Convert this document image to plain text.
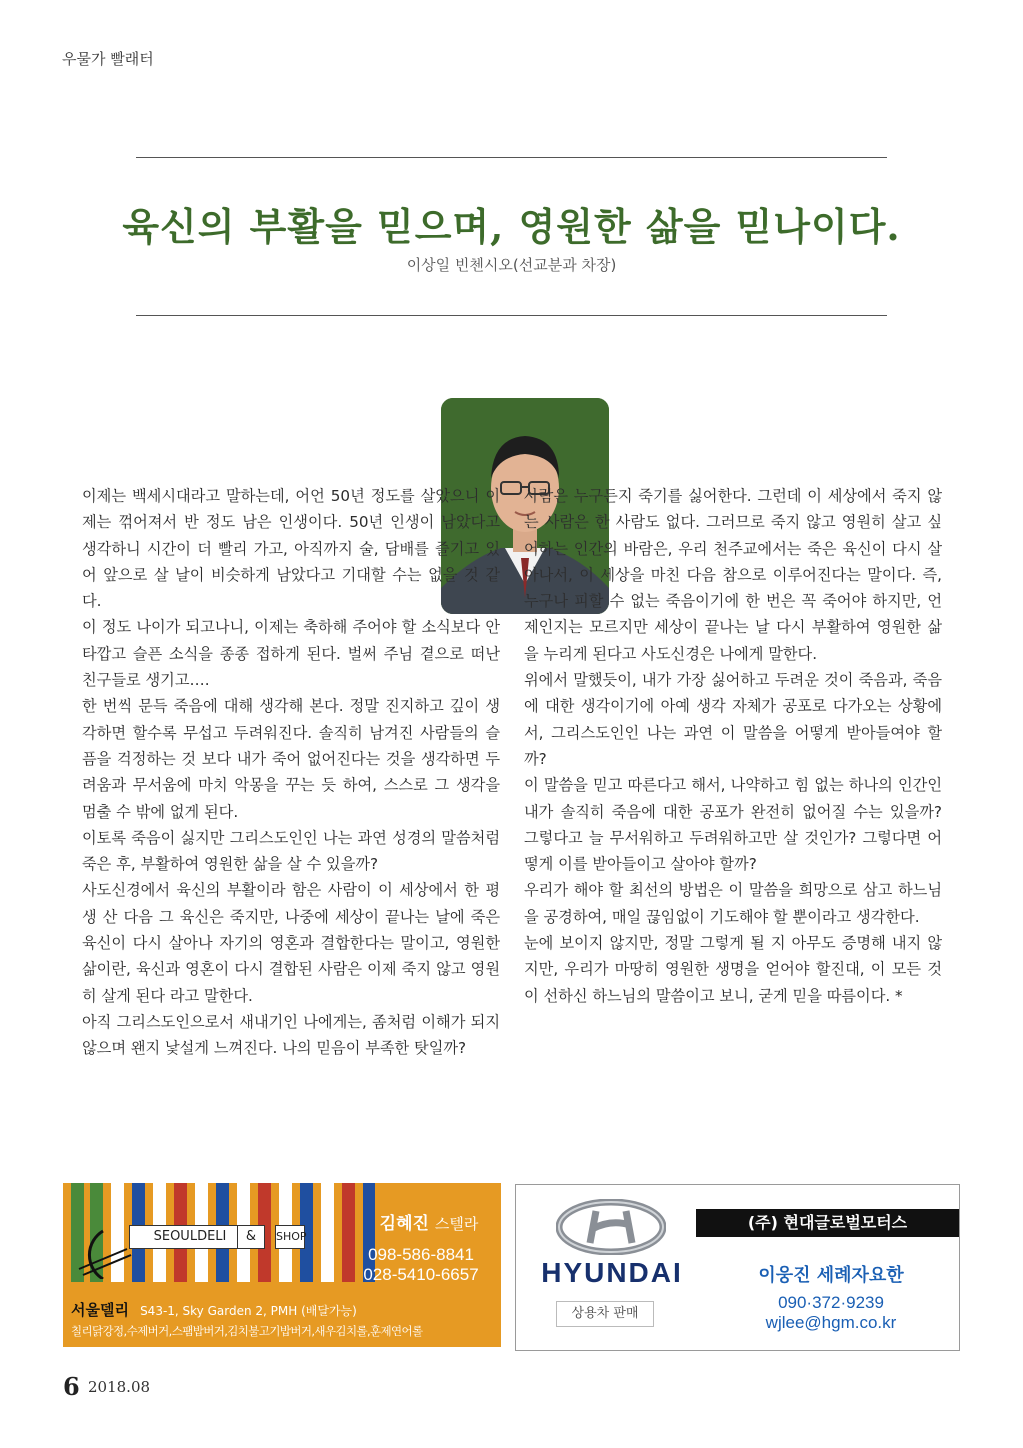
우물가 빨래터
육신의 부활을 믿으며, 영원한 삶을 믿나이다.
이상일 빈첸시오(선교분과 차장)

이제는 백세시대라고 말하는데, 어언 50년 정도를 살았으니 이제는 꺾어져서 반 정도 남은 인생이다. 50년 인생이 남았다고 생각하니 시간이 더 빨리 가고, 아직까지 술, 담배를 즐기고 있어 앞으로 살 날이 비슷하게 남았다고 기대할 수는 없을 것 같다.

이 정도 나이가 되고나니, 이제는 축하해 주어야 할 소식보다 안타깝고 슬픈 소식을 종종 접하게 된다. 벌써 주님 곁으로 떠난 친구들로 생기고….

한 번씩 문득 죽음에 대해 생각해 본다. 정말 진지하고 깊이 생각하면 할수록 무섭고 두려워진다. 솔직히 남겨진 사람들의 슬픔을 걱정하는 것 보다 내가 죽어 없어진다는 것을 생각하면 두려움과 무서움에 마치 악몽을 꾸는 듯 하여, 스스로 그 생각을 멈출 수 밖에 없게 된다.

이토록 죽음이 싫지만 그리스도인인 나는 과연 성경의 말씀처럼 죽은 후, 부활하여 영원한 삶을 살 수 있을까?

사도신경에서 육신의 부활이라 함은 사람이 이 세상에서 한 평생 산 다음 그 육신은 죽지만, 나중에 세상이 끝나는 날에 죽은 육신이 다시 살아나 자기의 영혼과 결합한다는 말이고, 영원한 삶이란, 육신과 영혼이 다시 결합된 사람은 이제 죽지 않고 영원히 살게 된다 라고 말한다.

아직 그리스도인으로서 새내기인 나에게는, 좀처럼 이해가 되지 않으며 왠지 낯설게 느껴진다. 나의 믿음이 부족한 탓일까?

사람은 누구든지 죽기를 싫어한다. 그런데 이 세상에서 죽지 않는 사람은 한 사람도 없다. 그러므로 죽지 않고 영원히 살고 싶어하는 인간의 바람은, 우리 천주교에서는 죽은 육신이 다시 살아나서, 이 세상을 마친 다음 참으로 이루어진다는 말이다. 즉, 누구나 피할 수 없는 죽음이기에 한 번은 꼭 죽어야 하지만, 언제인지는 모르지만 세상이 끝나는 날 다시 부활하여 영원한 삶을 누리게 된다고 사도신경은 나에게 말한다.

위에서 말했듯이, 내가 가장 싫어하고 두려운 것이 죽음과, 죽음에 대한 생각이기에 아예 생각 자체가 공포로 다가오는 상황에서, 그리스도인인 나는 과연 이 말씀을 어떻게 받아들여야 할까?

이 말씀을 믿고 따른다고 해서, 나약하고 힘 없는 하나의 인간인 내가 솔직히 죽음에 대한 공포가 완전히 없어질 수는 있을까? 그렇다고 늘 무서워하고 두려워하고만 살 것인가? 그렇다면 어떻게 이를 받아들이고 살아야 할까?

우리가 해야 할 최선의 방법은 이 말씀을 희망으로 삼고 하느님을 공경하여, 매일 끊임없이 기도해야 할 뿐이라고 생각한다.

눈에 보이지 않지만, 정말 그렇게 될 지 아무도 증명해 내지 않지만, 우리가 마땅히 영원한 생명을 얻어야 할진대, 이 모든 것이 선하신 하느님의 말씀이고 보니, 굳게 믿을 따름이다. *

SEOULDELI	&	SHOP
김혜진 스텔라
098-586-8841
028-5410-6657
서울델리 S43-1, Sky Garden 2, PMH (배달가능)
칠리닭강정,수제버거,스팸밥버거,김치불고기밥버거,새우김치롤,훈제연어롤
HYUNDAI
상용차 판매
(주) 현대글로벌모터스
이웅진 세례자요한
090·372·9239
wjlee@hgm.co.kr
6 2018.08
